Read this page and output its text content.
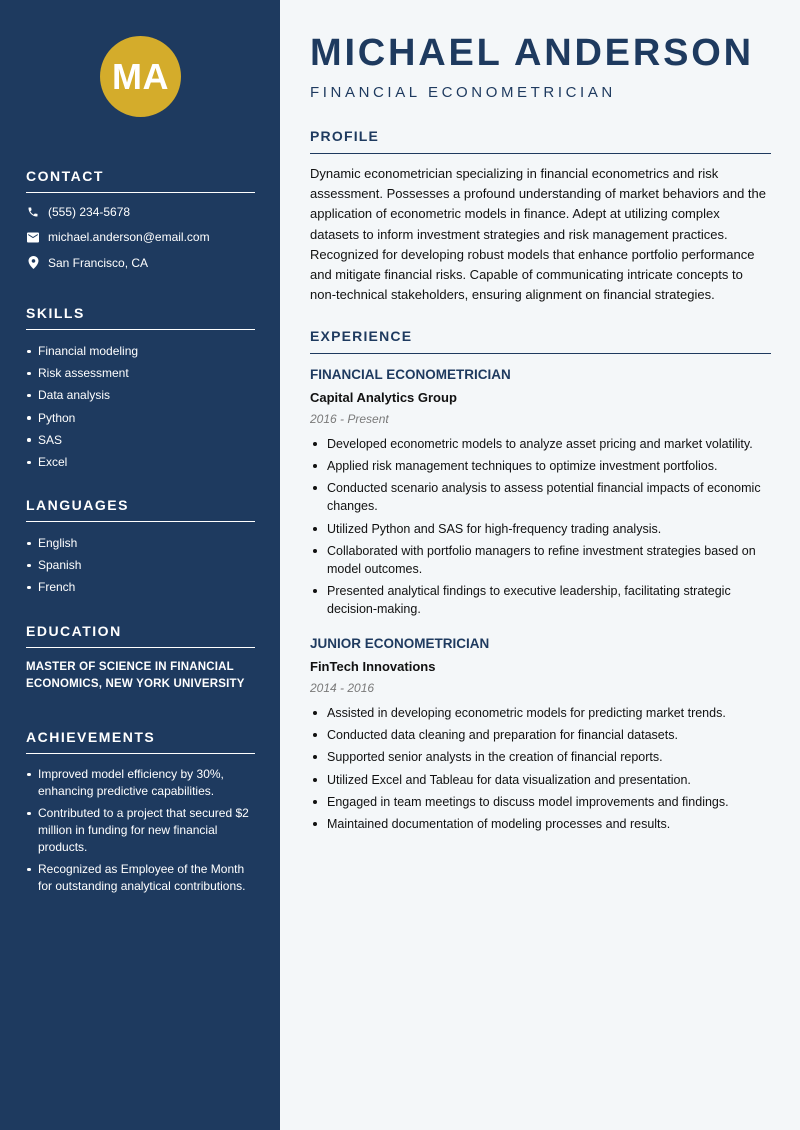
MA
CONTACT
(555) 234-5678
michael.anderson@email.com
San Francisco, CA
SKILLS
Financial modeling
Risk assessment
Data analysis
Python
SAS
Excel
LANGUAGES
English
Spanish
French
EDUCATION
MASTER OF SCIENCE IN FINANCIAL ECONOMICS, NEW YORK UNIVERSITY
ACHIEVEMENTS
Improved model efficiency by 30%, enhancing predictive capabilities.
Contributed to a project that secured $2 million in funding for new financial products.
Recognized as Employee of the Month for outstanding analytical contributions.
MICHAEL ANDERSON
FINANCIAL ECONOMETRICIAN
PROFILE

Dynamic econometrician specializing in financial econometrics and risk assessment. Possesses a profound understanding of market behaviors and the application of econometric models in finance. Adept at utilizing complex datasets to inform investment strategies and risk management practices. Recognized for developing robust models that enhance portfolio performance and mitigate financial risks. Capable of communicating intricate concepts to non-technical stakeholders, ensuring alignment on financial strategies.

EXPERIENCE
FINANCIAL ECONOMETRICIAN
Capital Analytics Group
2016 - Present
Developed econometric models to analyze asset pricing and market volatility.
Applied risk management techniques to optimize investment portfolios.
Conducted scenario analysis to assess potential financial impacts of economic changes.
Utilized Python and SAS for high-frequency trading analysis.
Collaborated with portfolio managers to refine investment strategies based on model outcomes.
Presented analytical findings to executive leadership, facilitating strategic decision-making.
JUNIOR ECONOMETRICIAN
FinTech Innovations
2014 - 2016
Assisted in developing econometric models for predicting market trends.
Conducted data cleaning and preparation for financial datasets.
Supported senior analysts in the creation of financial reports.
Utilized Excel and Tableau for data visualization and presentation.
Engaged in team meetings to discuss model improvements and findings.
Maintained documentation of modeling processes and results.
